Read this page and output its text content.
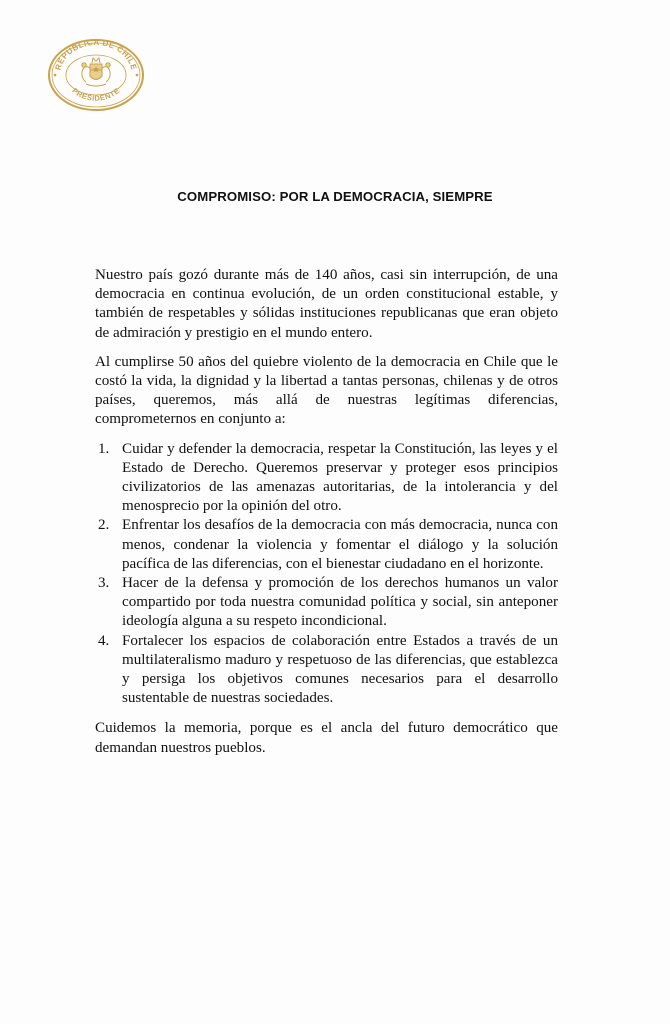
REPÚBLICA DE CHILE
PRESIDENTE
COMPROMISO: POR LA DEMOCRACIA, SIEMPRE

Nuestro país gozó durante más de 140 años, casi sin interrupción, de una democracia en continua evolución, de un orden constitucional estable, y también de respetables y sólidas instituciones republicanas que eran objeto de admiración y prestigio en el mundo entero.

Al cumplirse 50 años del quiebre violento de la democracia en Chile que le costó la vida, la dignidad y la libertad a tantas personas, chilenas y de otros países, queremos, más allá de nuestras legítimas diferencias, comprometernos en conjunto a:

1. Cuidar y defender la democracia, respetar la Constitución, las leyes y el Estado de Derecho. Queremos preservar y proteger esos principios civilizatorios de las amenazas autoritarias, de la intolerancia y del menosprecio por la opinión del otro.
2. Enfrentar los desafíos de la democracia con más democracia, nunca con menos, condenar la violencia y fomentar el diálogo y la solución pacífica de las diferencias, con el bienestar ciudadano en el horizonte.
3. Hacer de la defensa y promoción de los derechos humanos un valor compartido por toda nuestra comunidad política y social, sin anteponer ideología alguna a su respeto incondicional.
4. Fortalecer los espacios de colaboración entre Estados a través de un multilateralismo maduro y respetuoso de las diferencias, que establezca y persiga los objetivos comunes necesarios para el desarrollo sustentable de nuestras sociedades.

Cuidemos la memoria, porque es el ancla del futuro democrático que demandan nuestros pueblos.
